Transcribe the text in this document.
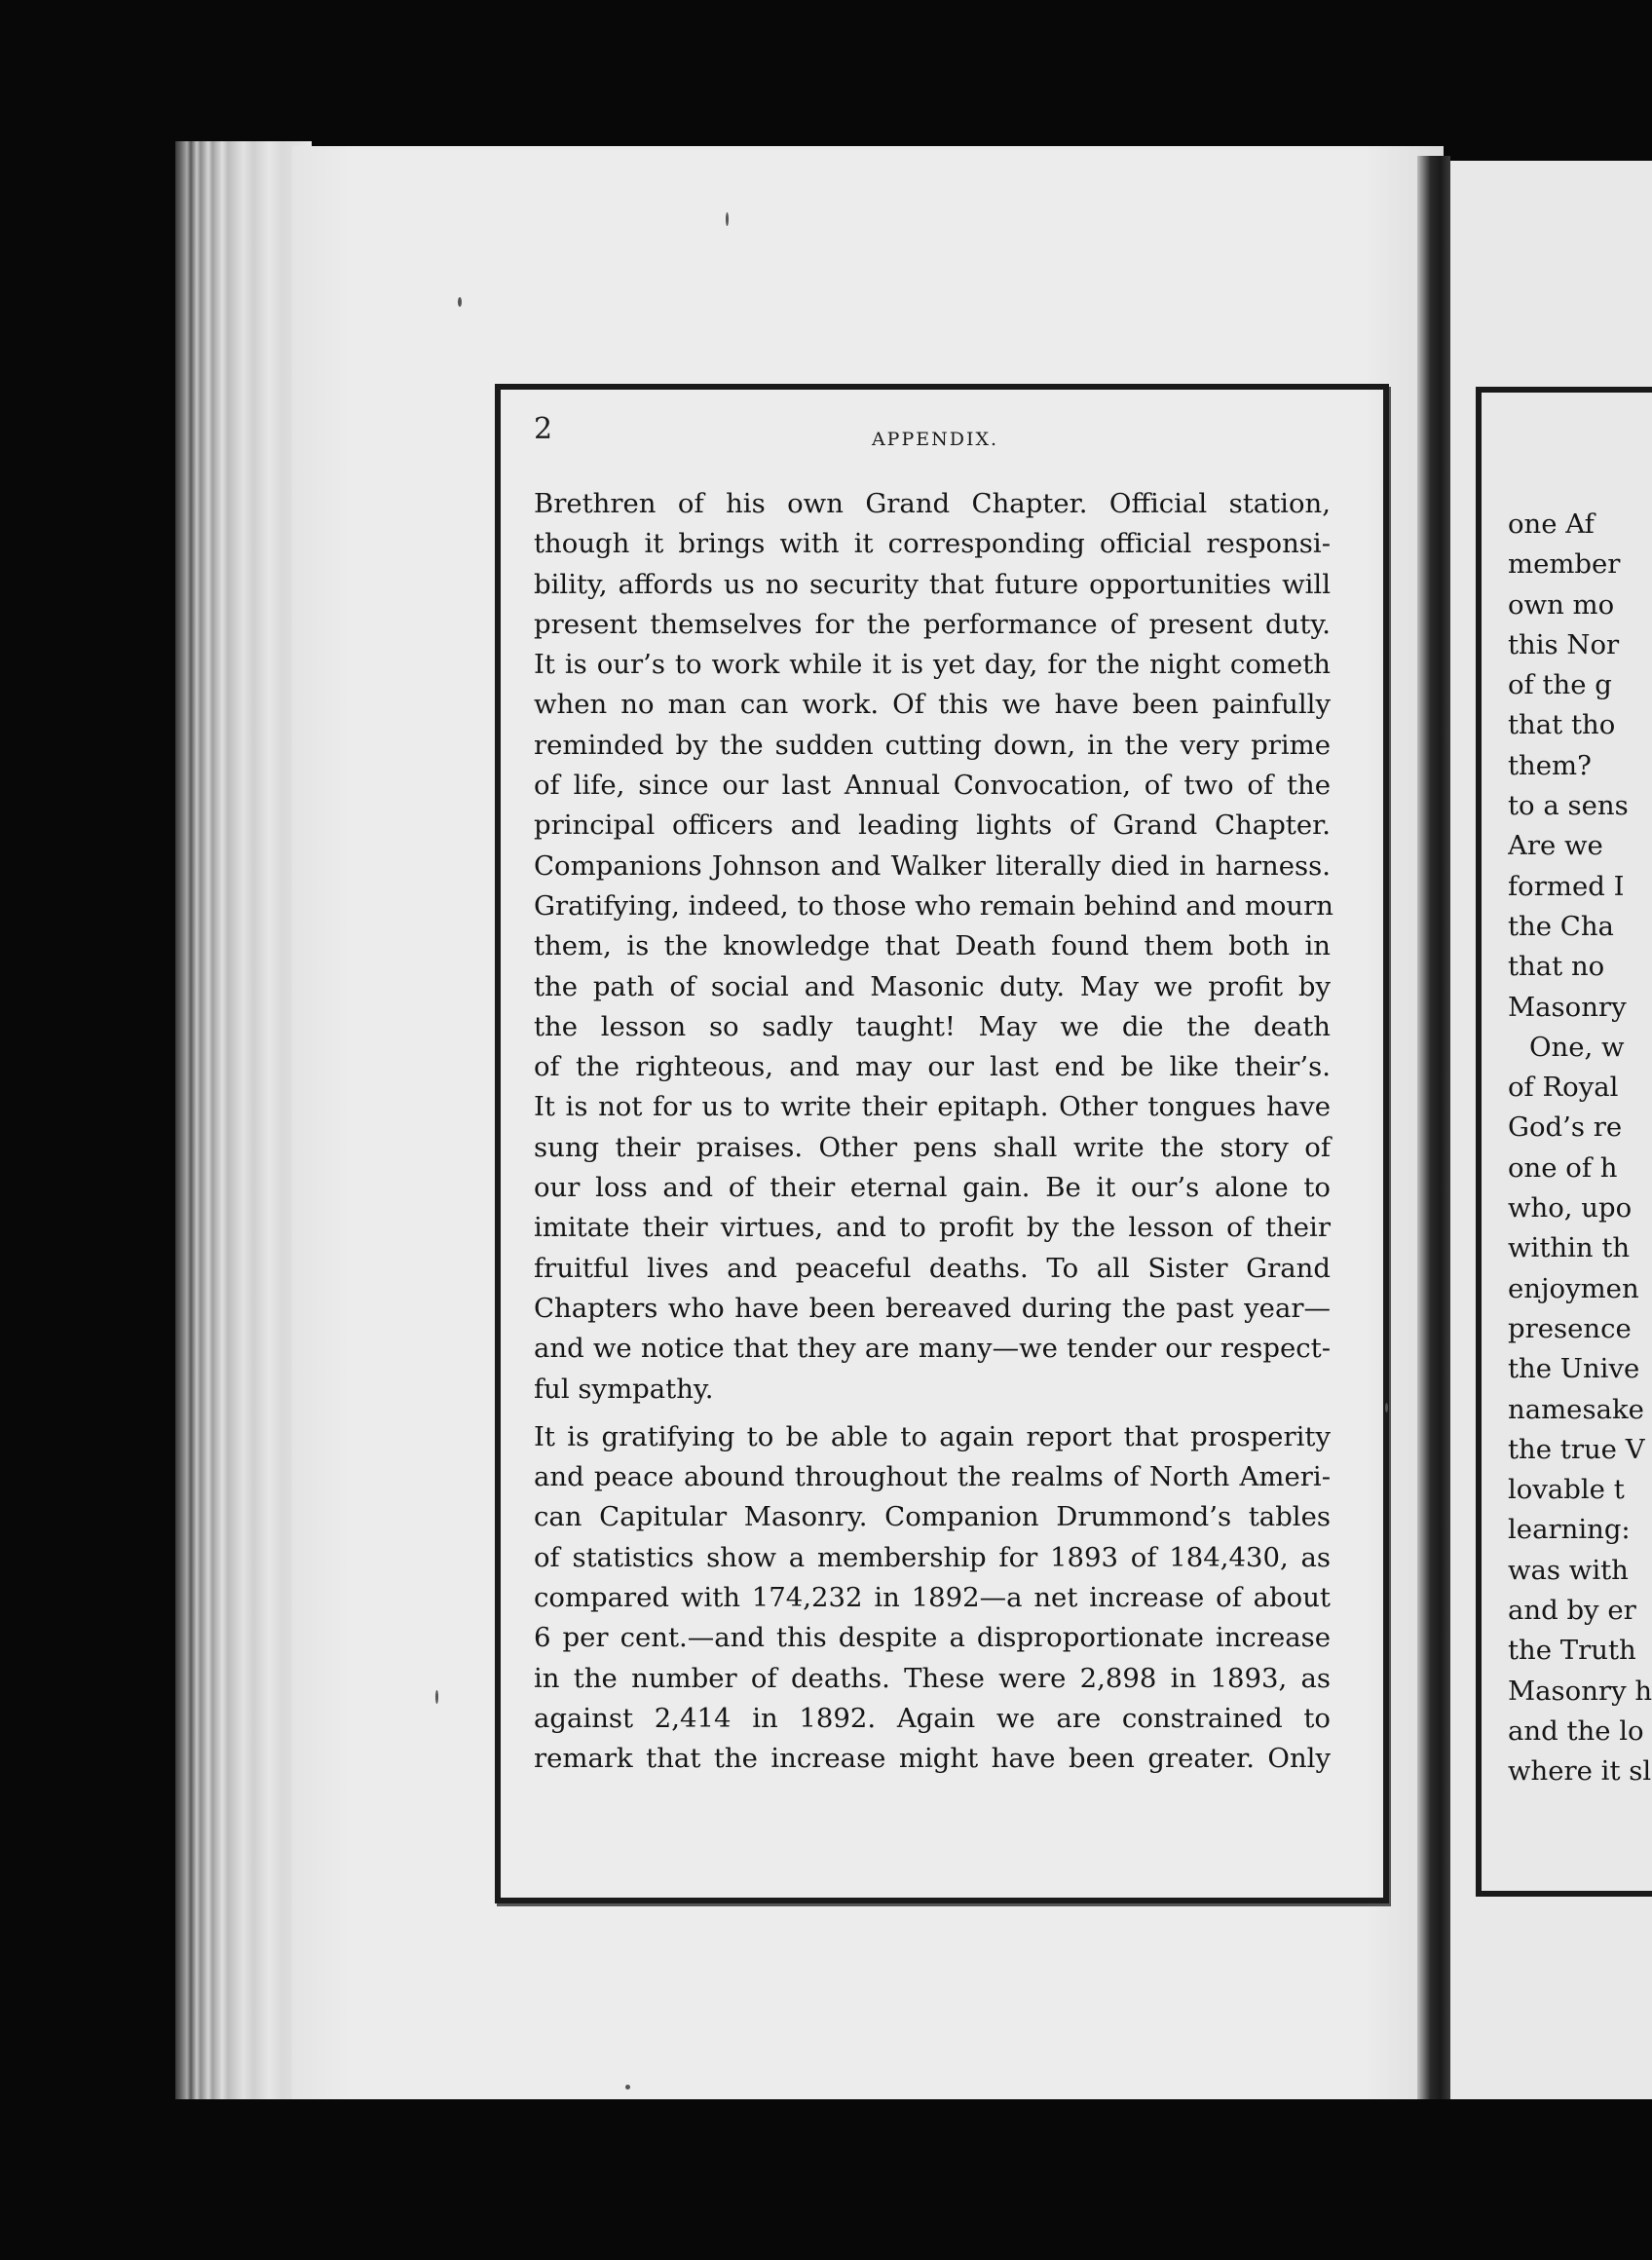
2	APPENDIX.
Brethren of his own Grand Chapter. Official station,
though it brings with it corresponding official responsi-
bility, affords us no security that future opportunities will
present themselves for the performance of present duty.
It is our’s to work while it is yet day, for the night cometh
when no man can work. Of this we have been painfully
reminded by the sudden cutting down, in the very prime
of life, since our last Annual Convocation, of two of the
principal officers and leading lights of Grand Chapter.
Companions Johnson and Walker literally died in harness.
Gratifying, indeed, to those who remain behind and mourn
them, is the knowledge that Death found them both in
the path of social and Masonic duty. May we profit by
the lesson so sadly taught! May we die the death
of the righteous, and may our last end be like their’s.
It is not for us to write their epitaph. Other tongues have
sung their praises. Other pens shall write the story of
our loss and of their eternal gain. Be it our’s alone to
imitate their virtues, and to profit by the lesson of their
fruitful lives and peaceful deaths. To all Sister Grand
Chapters who have been bereaved during the past year—
and we notice that they are many—we tender our respect-
ful sympathy.
It is gratifying to be able to again report that prosperity
and peace abound throughout the realms of North Ameri-
can Capitular Masonry. Companion Drummond’s tables
of statistics show a membership for 1893 of 184,430, as
compared with 174,232 in 1892—a net increase of about
6 per cent.—and this despite a disproportionate increase
in the number of deaths. These were 2,898 in 1893, as
against 2,414 in 1892. Again we are constrained to
remark that the increase might have been greater. Only
one Af
member
own mo
this Nor
of the g
that tho
them?
to a sens
Are we
formed I
the Cha
that no
Masonry
One, w
of Royal
God’s re
one of h
who, upo
within th
enjoymen
presence
the Unive
namesake
the true V
lovable t
learning:
was with
and by er
the Truth
Masonry h
and the lo
where it sl
